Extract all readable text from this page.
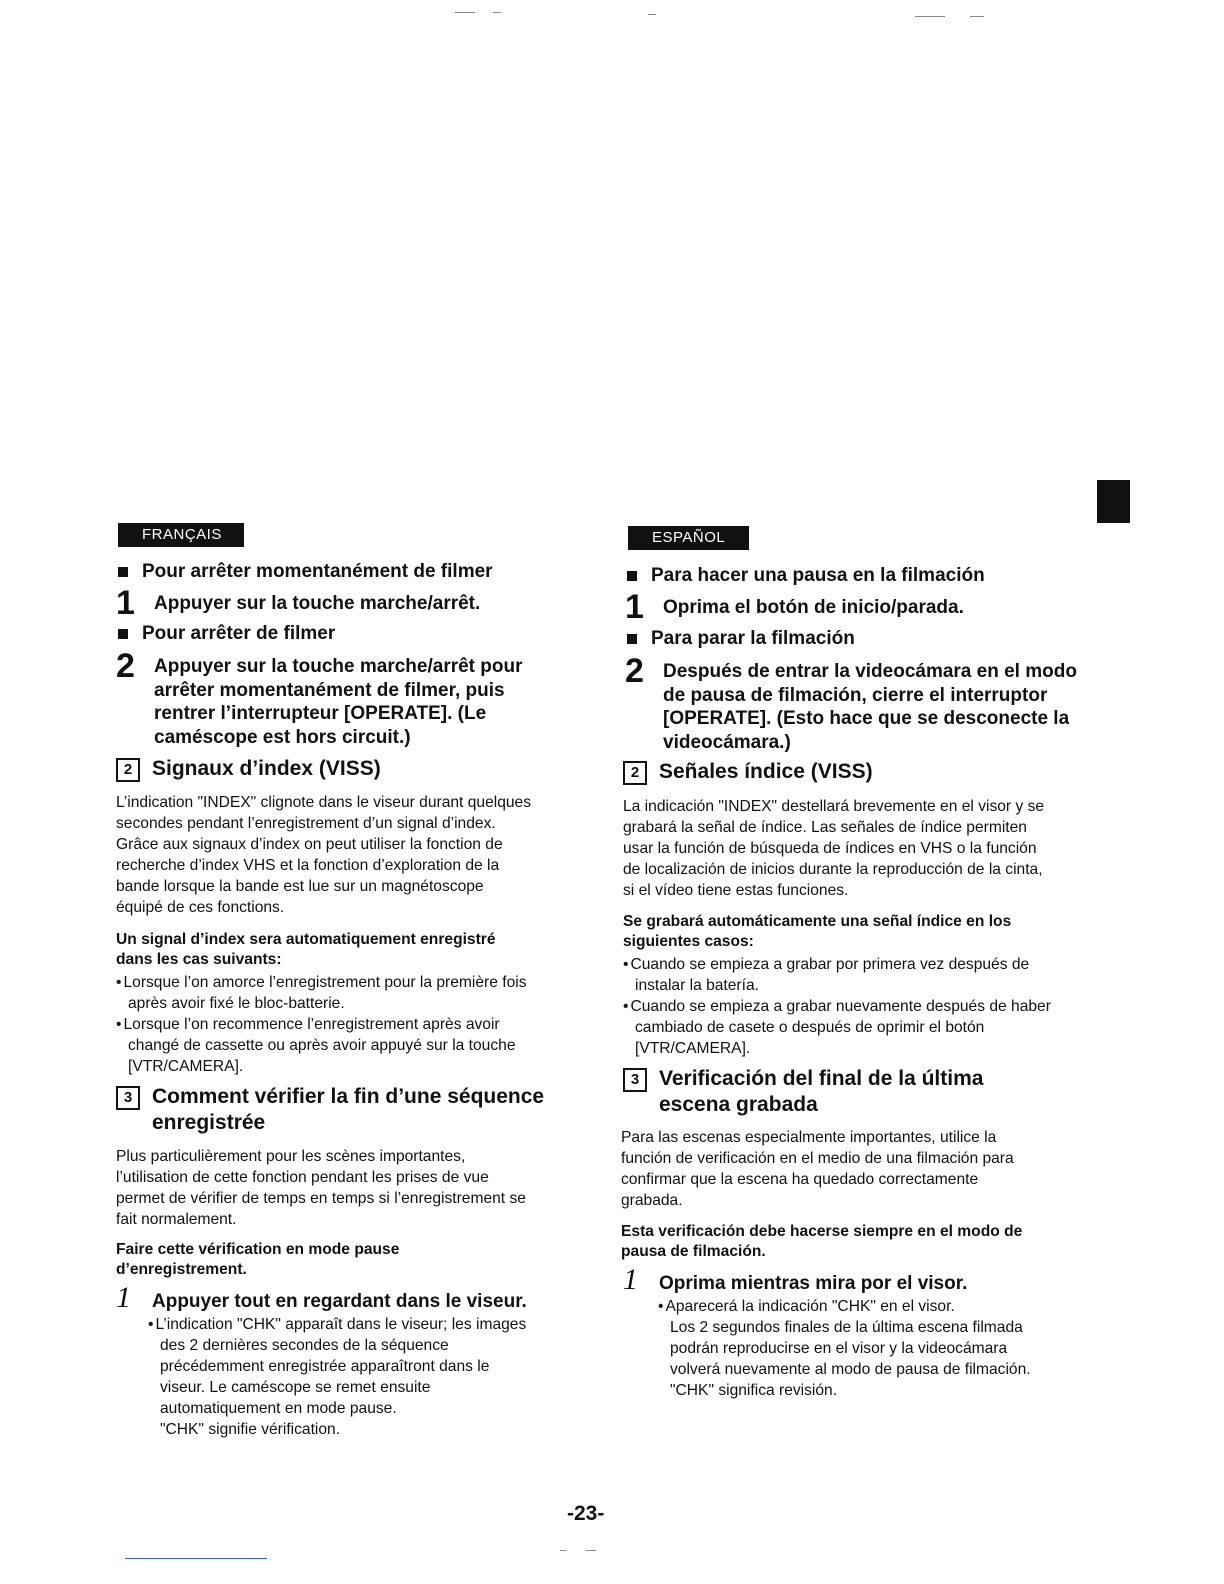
FRANÇAIS
Pour arrêter momentanément de filmer
1 Appuyer sur la touche marche/arrêt.
Pour arrêter de filmer
2 Appuyer sur la touche marche/arrêt pour arrêter momentanément de filmer, puis rentrer l’interrupteur [OPERATE]. (Le caméscope est hors circuit.)
2 Signaux d’index (VISS)
L’indication "INDEX" clignote dans le viseur durant quelques secondes pendant l’enregistrement d’un signal d’index. Grâce aux signaux d’index on peut utiliser la fonction de recherche d’index VHS et la fonction d’exploration de la bande lorsque la bande est lue sur un magnétoscope équipé de ces fonctions.
Un signal d’index sera automatiquement enregistré dans les cas suivants:
• Lorsque l’on amorce l’enregistrement pour la première fois après avoir fixé le bloc-batterie.
• Lorsque l’on recommence l’enregistrement après avoir changé de cassette ou après avoir appuyé sur la touche [VTR/CAMERA].
3 Comment vérifier la fin d’une séquence enregistrée
Plus particulièrement pour les scènes importantes, l’utilisation de cette fonction pendant les prises de vue permet de vérifier de temps en temps si l’enregistrement se fait normalement.
Faire cette vérification en mode pause d’enregistrement.
1 Appuyer tout en regardant dans le viseur.
• L’indication "CHK" apparaît dans le viseur; les images des 2 dernières secondes de la séquence précédemment enregistrée apparaîtront dans le viseur. Le caméscope se remet ensuite automatiquement en mode pause.
"CHK" signifie vérification.
ESPAÑOL
Para hacer una pausa en la filmación
1 Oprima el botón de inicio/parada.
Para parar la filmación
2 Después de entrar la videocámara en el modo de pausa de filmación, cierre el interruptor [OPERATE]. (Esto hace que se desconecte la videocámara.)
2 Señales índice (VISS)
La indicación "INDEX" destellará brevemente en el visor y se grabará la señal de índice. Las señales de índice permiten usar la función de búsqueda de índices en VHS o la función de localización de inicios durante la reproducción de la cinta, si el vídeo tiene estas funciones.
Se grabará automáticamente una señal índice en los siguientes casos:
• Cuando se empieza a grabar por primera vez después de instalar la batería.
• Cuando se empieza a grabar nuevamente después de haber cambiado de casete o después de oprimir el botón [VTR/CAMERA].
3 Verificación del final de la última escena grabada
Para las escenas especialmente importantes, utilice la función de verificación en el medio de una filmación para confirmar que la escena ha quedado correctamente grabada.
Esta verificación debe hacerse siempre en el modo de pausa de filmación.
1 Oprima mientras mira por el visor.
• Aparecerá la indicación "CHK" en el visor.
Los 2 segundos finales de la última escena filmada podrán reproducirse en el visor y la videocámara volverá nuevamente al modo de pausa de filmación. "CHK" significa revisión.
-23-
